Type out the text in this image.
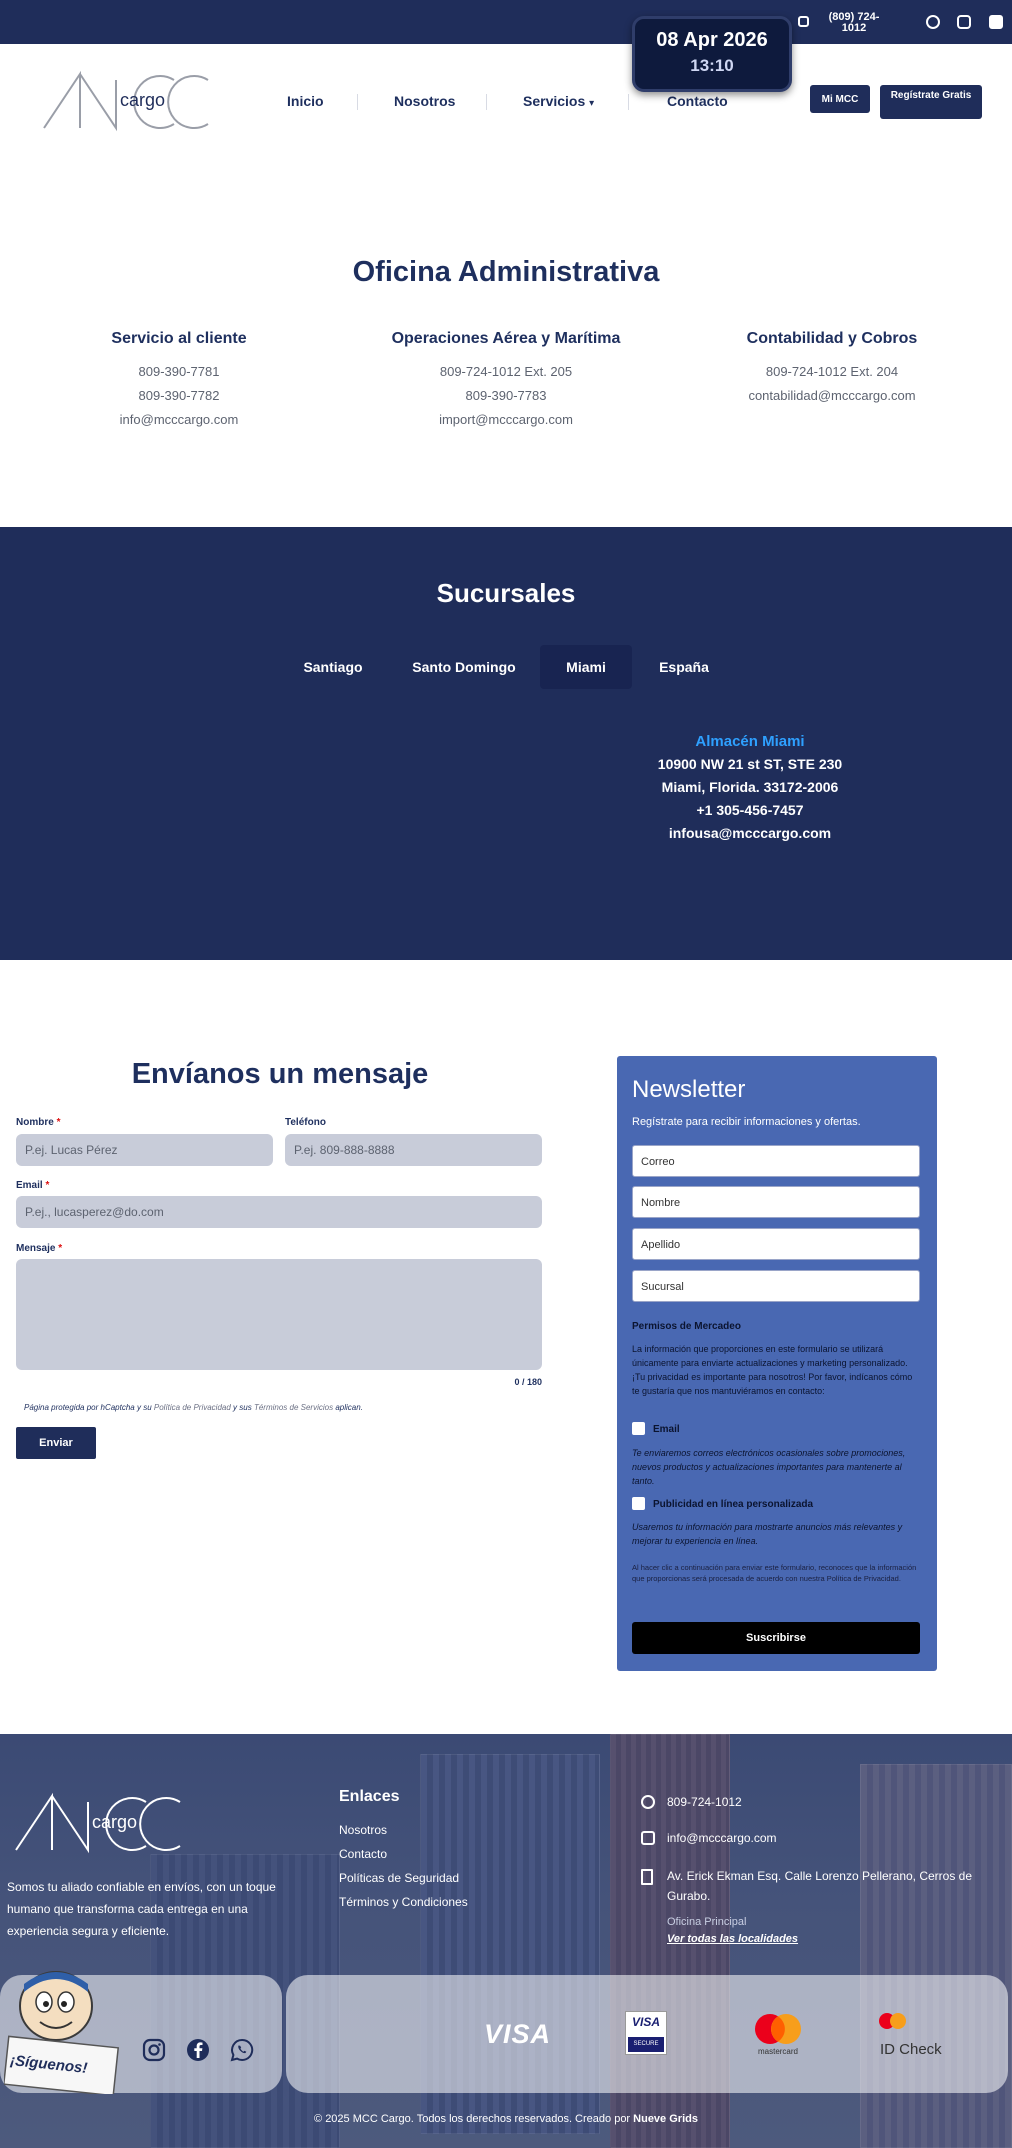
(809) 724-1012
08 Apr 2026
13:10
cargo	Inicio	Nosotros	Servicios ▾	Contacto	Mi MCC	Regístrate Gratis
Oficina Administrativa
Servicio al cliente
809-390-7781
809-390-7782
info@mcccargo.com
Operaciones Aérea y Marítima
809-724-1012 Ext. 205
809-390-7783
import@mcccargo.com
Contabilidad y Cobros
809-724-1012 Ext. 204
contabilidad@mcccargo.com
Sucursales
Santiago	Santo Domingo	Miami	España
Almacén Miami
10900 NW 21 st ST, STE 230
Miami, Florida. 33172-2006
+1 305-456-7457
infousa@mcccargo.com
Envíanos un mensaje
Nombre *
P.ej. Lucas Pérez
Teléfono
P.ej. 809-888-8888
Email *
P.ej., lucasperez@do.com
Mensaje *
0 / 180
Página protegida por hCaptcha y su Política de Privacidad y sus Términos de Servicios aplican.
Enviar
Newsletter
Regístrate para recibir informaciones y ofertas.
Correo
Nombre
Apellido
Sucursal
Permisos de Mercadeo
La información que proporciones en este formulario se utilizará únicamente para enviarte actualizaciones y marketing personalizado. ¡Tu privacidad es importante para nosotros! Por favor, indícanos cómo te gustaría que nos mantuviéramos en contacto:
Email
Te enviaremos correos electrónicos ocasionales sobre promociones, nuevos productos y actualizaciones importantes para mantenerte al tanto.
Publicidad en línea personalizada
Usaremos tu información para mostrarte anuncios más relevantes y mejorar tu experiencia en línea.
Al hacer clic a continuación para enviar este formulario, reconoces que la información que proporcionas será procesada de acuerdo con nuestra Política de Privacidad.
Suscribirse
cargo
Somos tu aliado confiable en envíos, con un toque humano que transforma cada entrega en una experiencia segura y eficiente.
Enlaces
Nosotros
Contacto
Políticas de Seguridad
Términos y Condiciones
809-724-1012
info@mcccargo.com
Av. Erick Ekman Esq. Calle Lorenzo Pellerano, Cerros de Gurabo.
Oficina Principal
Ver todas las localidades
¡Síguenos!
VISA	VISA
SECURE
mastercard	ID Check
© 2025 MCC Cargo. Todos los derechos reservados. Creado por Nueve Grids
